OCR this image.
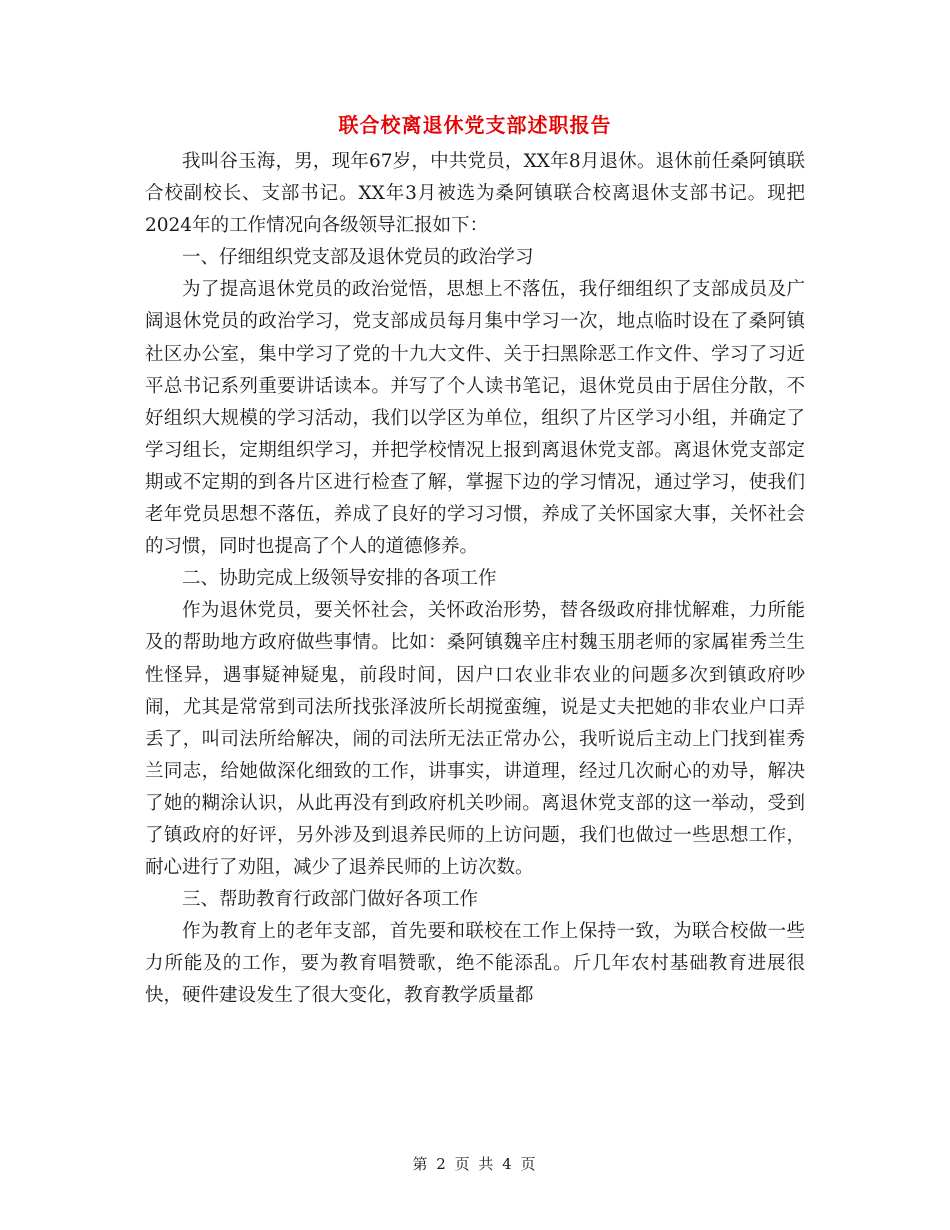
联合校离退休党支部述职报告

我叫谷玉海，男，现年67岁，中共党员，XX年8月退休。退休前任桑阿镇联合校副校长、支部书记。XX年3月被选为桑阿镇联合校离退休支部书记。现把2024年的工作情况向各级领导汇报如下：

一、仔细组织党支部及退休党员的政治学习

为了提高退休党员的政治觉悟，思想上不落伍，我仔细组织了支部成员及广阔退休党员的政治学习，党支部成员每月集中学习一次，地点临时设在了桑阿镇社区办公室，集中学习了党的十九大文件、关于扫黑除恶工作文件、学习了习近平总书记系列重要讲话读本。并写了个人读书笔记，退休党员由于居住分散，不好组织大规模的学习活动，我们以学区为单位，组织了片区学习小组，并确定了学习组长，定期组织学习，并把学校情况上报到离退休党支部。离退休党支部定期或不定期的到各片区进行检查了解，掌握下边的学习情况，通过学习，使我们老年党员思想不落伍，养成了良好的学习习惯，养成了关怀国家大事，关怀社会的习惯，同时也提高了个人的道德修养。

二、协助完成上级领导安排的各项工作

作为退休党员，要关怀社会，关怀政治形势，替各级政府排忧解难，力所能及的帮助地方政府做些事情。比如：桑阿镇魏辛庄村魏玉朋老师的家属崔秀兰生性怪异，遇事疑神疑鬼，前段时间，因户口农业非农业的问题多次到镇政府吵闹，尤其是常常到司法所找张泽波所长胡搅蛮缠，说是丈夫把她的非农业户口弄丢了，叫司法所给解决，闹的司法所无法正常办公，我听说后主动上门找到崔秀兰同志，给她做深化细致的工作，讲事实，讲道理，经过几次耐心的劝导，解决了她的糊涂认识，从此再没有到政府机关吵闹。离退休党支部的这一举动，受到了镇政府的好评，另外涉及到退养民师的上访问题，我们也做过一些思想工作，耐心进行了劝阻，减少了退养民师的上访次数。

三、帮助教育行政部门做好各项工作

作为教育上的老年支部，首先要和联校在工作上保持一致，为联合校做一些力所能及的工作，要为教育唱赞歌，绝不能添乱。斤几年农村基础教育进展很快，硬件建设发生了很大变化，教育教学质量都

第 2 页 共 4 页
